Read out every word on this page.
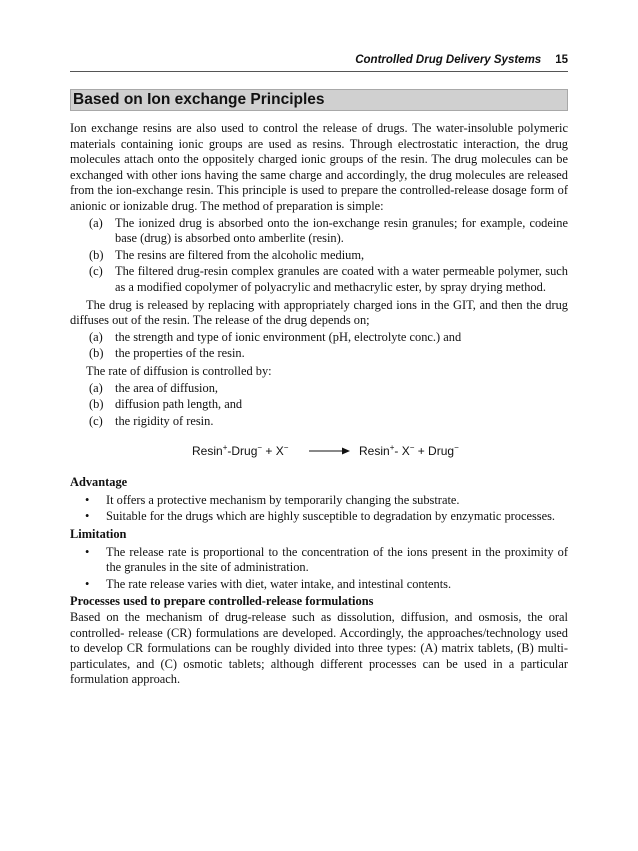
Controlled Drug Delivery Systems 15
Based on Ion exchange Principles

Ion exchange resins are also used to control the release of drugs. The water-insoluble polymeric materials containing ionic groups are used as resins. Through electrostatic interaction, the drug molecules attach onto the oppositely charged ionic groups of the resin. The drug molecules can be exchanged with other ions having the same charge and accordingly, the drug molecules are released from the ion-exchange resin. This principle is used to prepare the controlled-release dosage form of anionic or ionizable drug. The method of preparation is simple:

(a) The ionized drug is absorbed onto the ion-exchange resin granules; for example, codeine base (drug) is absorbed onto amberlite (resin).
(b) The resins are filtered from the alcoholic medium,
(c) The filtered drug-resin complex granules are coated with a water permeable polymer, such as a modified copolymer of polyacrylic and methacrylic ester, by spray drying method.

The drug is released by replacing with appropriately charged ions in the GIT, and then the drug diffuses out of the resin. The release of the drug depends on;

(a) the strength and type of ionic environment (pH, electrolyte conc.) and
(b) the properties of the resin.

The rate of diffusion is controlled by:

(a) the area of diffusion,
(b) diffusion path length, and
(c) the rigidity of resin.
Resin+-Drug− + X−	Resin+- X− + Drug−

Advantage

• It offers a protective mechanism by temporarily changing the substrate.
• Suitable for the drugs which are highly susceptible to degradation by enzymatic processes.

Limitation

• The release rate is proportional to the concentration of the ions present in the proximity of the granules in the site of administration.
• The rate release varies with diet, water intake, and intestinal contents.

Processes used to prepare controlled-release formulations

Based on the mechanism of drug-release such as dissolution, diffusion, and osmosis, the oral controlled- release (CR) formulations are developed. Accordingly, the approaches/technology used to develop CR formulations can be roughly divided into three types: (A) matrix tablets, (B) multi-particulates, and (C) osmotic tablets; although different processes can be used in a particular formulation approach.
